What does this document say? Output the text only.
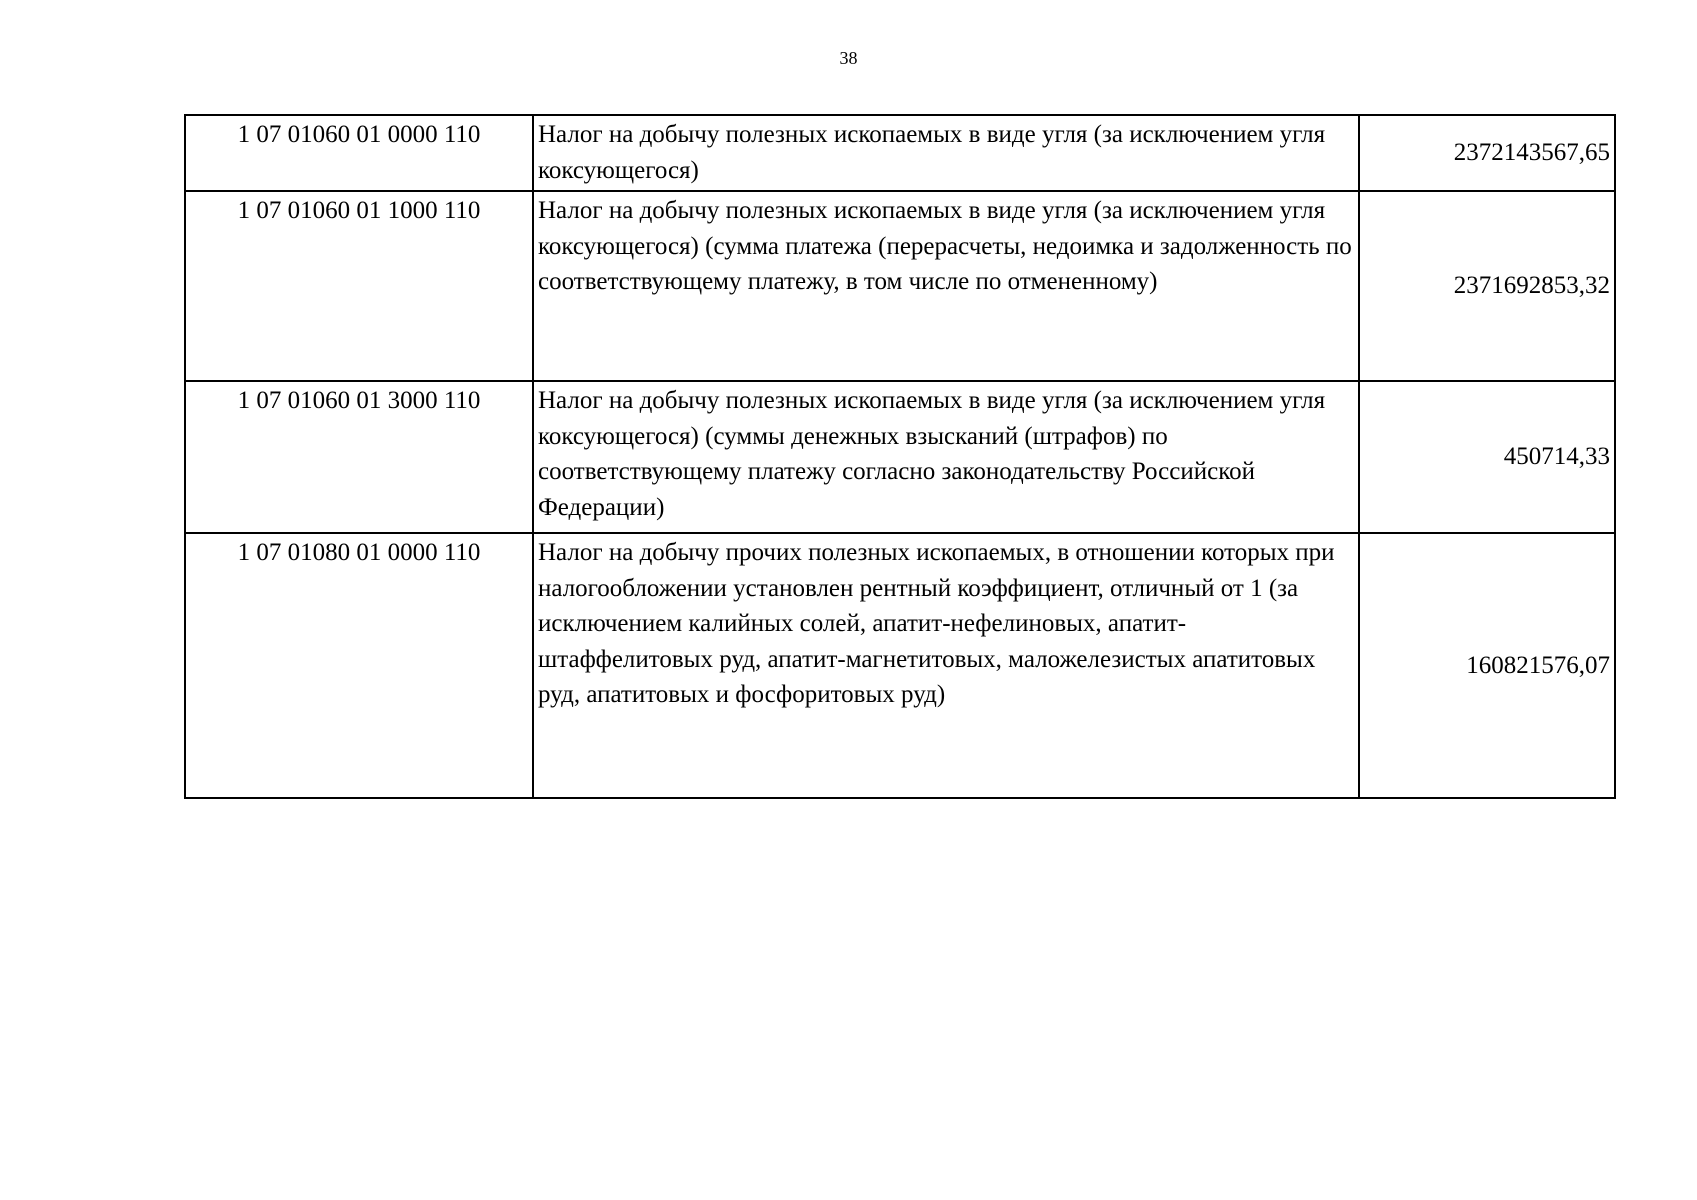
38
1 07 01060 01 0000 110	Налог на добычу полезных ископаемых в виде угля (за исключением угля коксующегося)	2372143567,65
1 07 01060 01 1000 110	Налог на добычу полезных ископаемых в виде угля (за исключением угля коксующегося) (сумма платежа (перерасчеты, недоимка и задолженность по соответствующему платежу, в том числе по отмененному)	2371692853,32
1 07 01060 01 3000 110	Налог на добычу полезных ископаемых в виде угля (за исключением угля коксующегося) (суммы денежных взысканий (штрафов) по соответствующему платежу согласно законодательству Российской Федерации)	450714,33
1 07 01080 01 0000 110	Налог на добычу прочих полезных ископаемых, в отношении которых при налогообложении установлен рентный коэффициент, отличный от 1 (за исключением калийных солей, апатит-нефелиновых, апатит-штаффелитовых руд, апатит-магнетитовых, маложелезистых апатитовых руд, апатитовых и фосфоритовых руд)	160821576,07
